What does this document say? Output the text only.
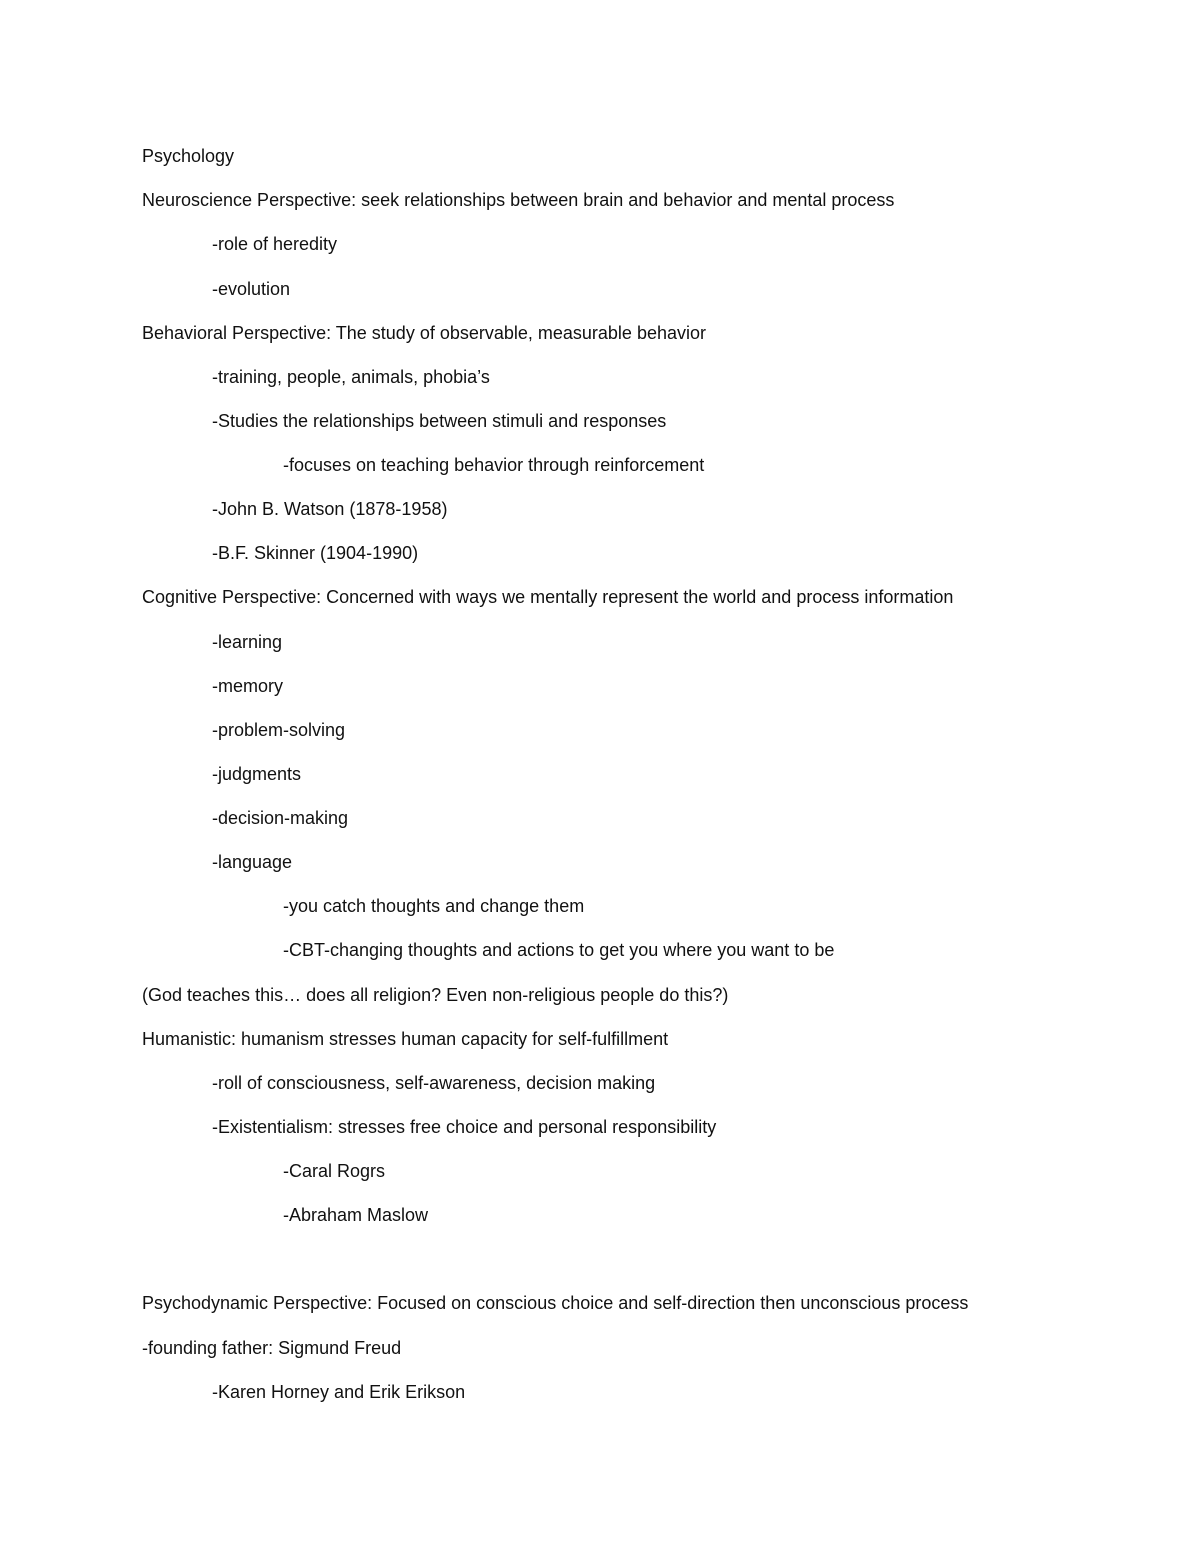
Psychology
Neuroscience Perspective: seek relationships between brain and behavior and mental process
-role of heredity
-evolution
Behavioral Perspective: The study of observable, measurable behavior
-training, people, animals, phobia’s
-Studies the relationships between stimuli and responses
-focuses on teaching behavior through reinforcement
-John B. Watson (1878-1958)
-B.F. Skinner (1904-1990)
Cognitive Perspective: Concerned with ways we mentally represent the world and process information
-learning
-memory
-problem-solving
-judgments
-decision-making
-language
-you catch thoughts and change them
-CBT-changing thoughts and actions to get you where you want to be
(God teaches this… does all religion? Even non-religious people do this?)
Humanistic: humanism stresses human capacity for self-fulfillment
-roll of consciousness, self-awareness, decision making
-Existentialism: stresses free choice and personal responsibility
-Caral Rogrs
-Abraham Maslow
Psychodynamic Perspective: Focused on conscious choice and self-direction then unconscious process
-founding father: Sigmund Freud
-Karen Horney and Erik Erikson
